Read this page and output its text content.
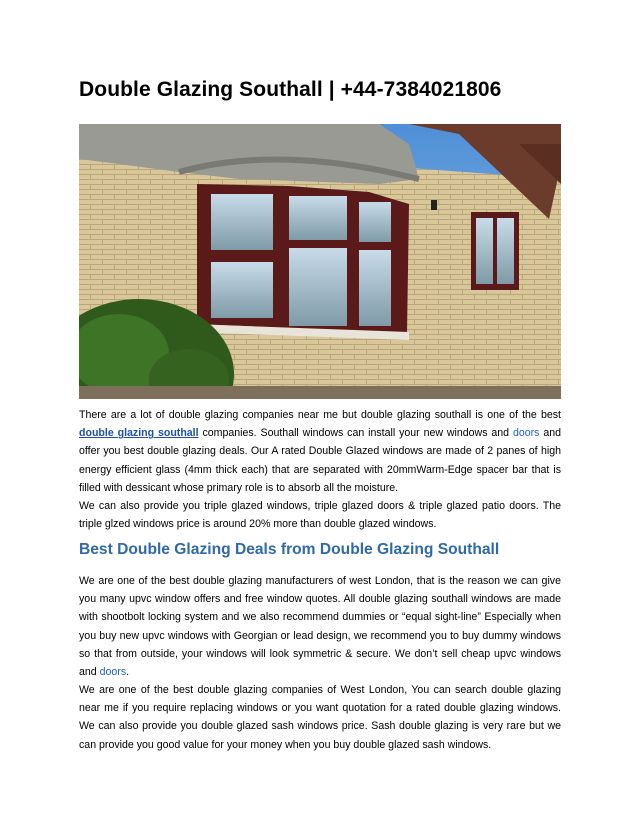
Double Glazing Southall | +44-7384021806

There are a lot of double glazing companies near me but double glazing southall is one of the best double glazing southall companies. Southall windows can install your new windows and doors and offer you best double glazing deals. Our A rated Double Glazed windows are made of 2 panes of high energy efficient glass (4mm thick each) that are separated with 20mmWarm-Edge spacer bar that is filled with dessicant whose primary role is to absorb all the moisture.

We can also provide you triple glazed windows, triple glazed doors & triple glazed patio doors. The triple glzed windows price is around 20% more than double glazed windows.

Best Double Glazing Deals from Double Glazing Southall

We are one of the best double glazing manufacturers of west London, that is the reason we can give you many upvc window offers and free window quotes. All double glazing southall windows are made with shootbolt locking system and we also recommend dummies or “equal sight-line” Especially when you buy new upvc windows with Georgian or lead design, we recommend you to buy dummy windows so that from outside, your windows will look symmetric & secure. We don’t sell cheap upvc windows and doors.

We are one of the best double glazing companies of West London, You can search double glazing near me if you require replacing windows or you want quotation for a rated double glazing windows. We can also provide you double glazed sash windows price. Sash double glazing is very rare but we can provide you good value for your money when you buy double glazed sash windows.
